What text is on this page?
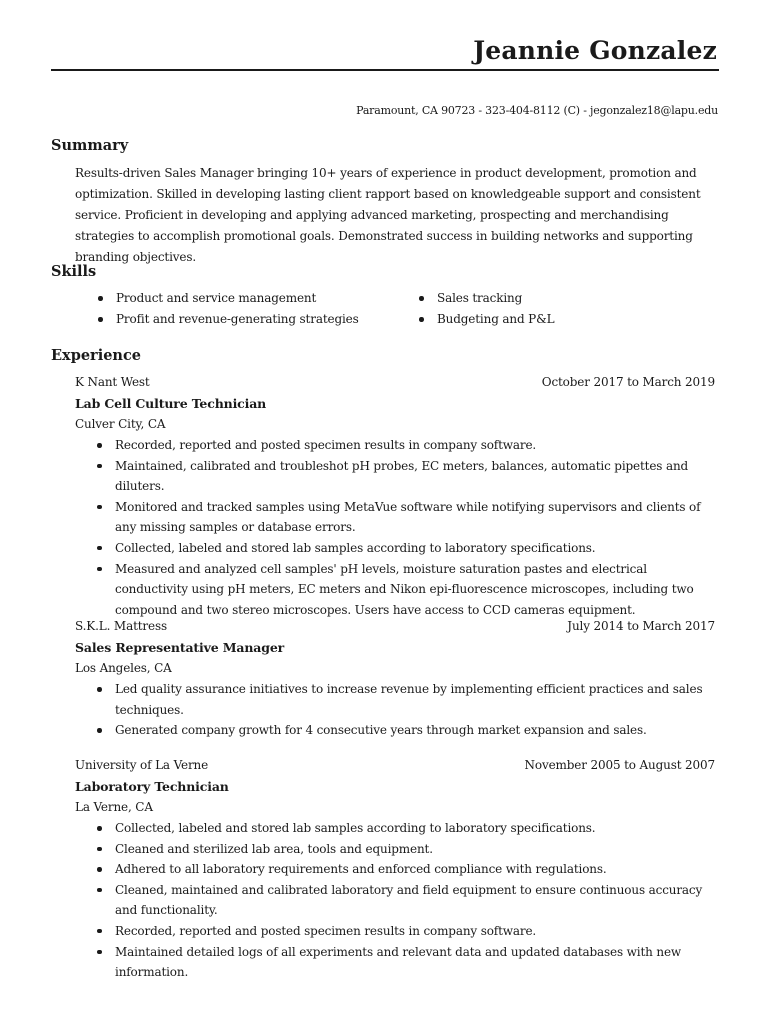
Jeannie Gonzalez
Paramount, CA 90723 - 323-404-8112 (C) - jegonzalez18@lapu.edu
Summary
Results-driven Sales Manager bringing 10+ years of experience in product development, promotion and optimization. Skilled in developing lasting client rapport based on knowledgeable support and consistent service. Proficient in developing and applying advanced marketing, prospecting and merchandising strategies to accomplish promotional goals. Demonstrated success in building networks and supporting branding objectives.
Skills
Product and service management
Profit and revenue-generating strategies
Sales tracking
Budgeting and P&L
Experience
K Nant West	October 2017 to March 2019
Lab Cell Culture Technician
Culver City, CA
Recorded, reported and posted specimen results in company software.
Maintained, calibrated and troubleshot pH probes, EC meters, balances, automatic pipettes and diluters.
Monitored and tracked samples using MetaVue software while notifying supervisors and clients of any missing samples or database errors.
Collected, labeled and stored lab samples according to laboratory specifications.
Measured and analyzed cell samples' pH levels, moisture saturation pastes and electrical conductivity using pH meters, EC meters and Nikon epi-fluorescence microscopes, including two compound and two stereo microscopes. Users have access to CCD cameras equipment.
S.K.L. Mattress	July 2014 to March 2017
Sales Representative Manager
Los Angeles, CA
Led quality assurance initiatives to increase revenue by implementing efficient practices and sales techniques.
Generated company growth for 4 consecutive years through market expansion and sales.
University of La Verne	November 2005 to August 2007
Laboratory Technician
La Verne, CA
Collected, labeled and stored lab samples according to laboratory specifications.
Cleaned and sterilized lab area, tools and equipment.
Adhered to all laboratory requirements and enforced compliance with regulations.
Cleaned, maintained and calibrated laboratory and field equipment to ensure continuous accuracy and functionality.
Recorded, reported and posted specimen results in company software.
Maintained detailed logs of all experiments and relevant data and updated databases with new information.
